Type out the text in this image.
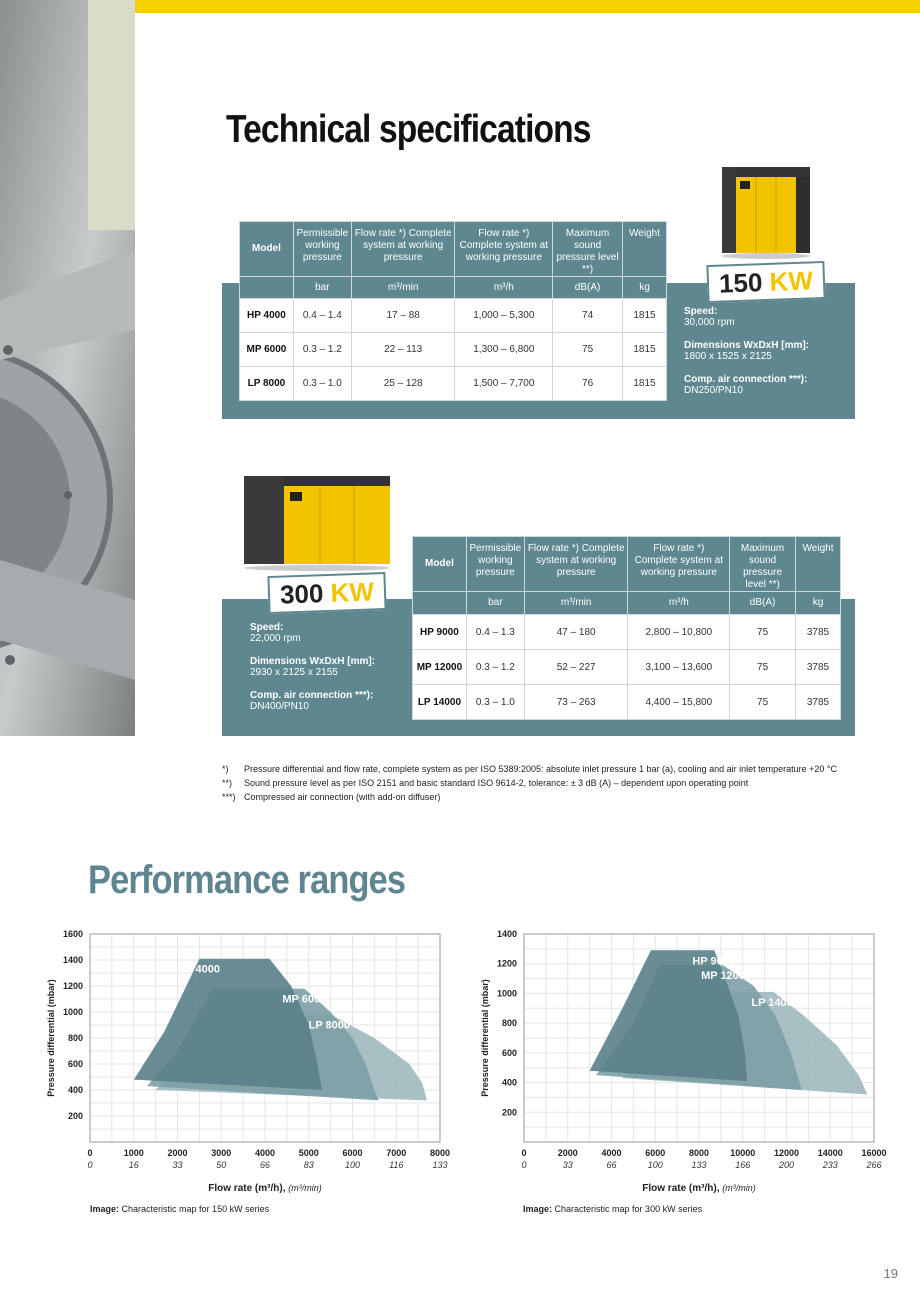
Technical specifications
Model	Permissible working pressure	Flow rate *) Complete system at working pressure	Flow rate *) Complete system at working pressure	Maximum sound pressure level **)	Weight
	bar	m³/min	m³/h	dB(A)	kg
HP 4000	0.4 – 1.4	17 – 88	1,000 – 5,300	74	1815
MP 6000	0.3 – 1.2	22 – 113	1,300 – 6,800	75	1815
LP 8000	0.3 – 1.0	25 – 128	1,500 – 7,700	76	1815
150 KW
Speed:
30,000 rpm
Dimensions WxDxH [mm]:
1800 x 1525 x 2125
Comp. air connection ***):
DN250/PN10
Model	Permissible working pressure	Flow rate *) Complete system at working pressure	Flow rate *) Complete system at working pressure	Maximum sound pressure level **)	Weight
	bar	m³/min	m³/h	dB(A)	kg
HP 9000	0.4 – 1.3	47 – 180	2,800 – 10,800	75	3785
MP 12000	0.3 – 1.2	52 – 227	3,100 – 13,600	75	3785
LP 14000	0.3 – 1.0	73 – 263	4,400 – 15,800	75	3785
300 KW
Speed:
22,000 rpm
Dimensions WxDxH [mm]:
2930 x 2125 x 2155
Comp. air connection ***):
DN400/PN10
*)	Pressure differential and flow rate, complete system as per ISO 5389:2005: absolute inlet pressure 1 bar (a), cooling and air inlet temperature +20 °C
**)	Sound pressure level as per ISO 2151 and basic standard ISO 9614-2, tolerance: ± 3 dB (A) – dependent upon operating point
***) Compressed air connection (with add-on diffuser)
Performance ranges
HP 4000
MP 6000
LP 8000
200
400
600
800
1000
1200
1400
1600
0	1000	2000	3000	4000	5000	6000	7000	8000
0	16	33	50	66	83	100	116	133
Pressure differential (mbar)
Flow rate (m³/h), (m³/min)
HP 9000
MP 12000
LP 14000
200
400
600
800
1000
1200
1400
0	2000	4000	6000	8000 10000 12000 14000 16000
0	33	66	100	133	166	200	233	266
Pressure differential (mbar)
Flow rate (m³/h), (m³/min)
Image: Characteristic map for 150 kW series	Image: Characteristic map for 300 kW series
19
